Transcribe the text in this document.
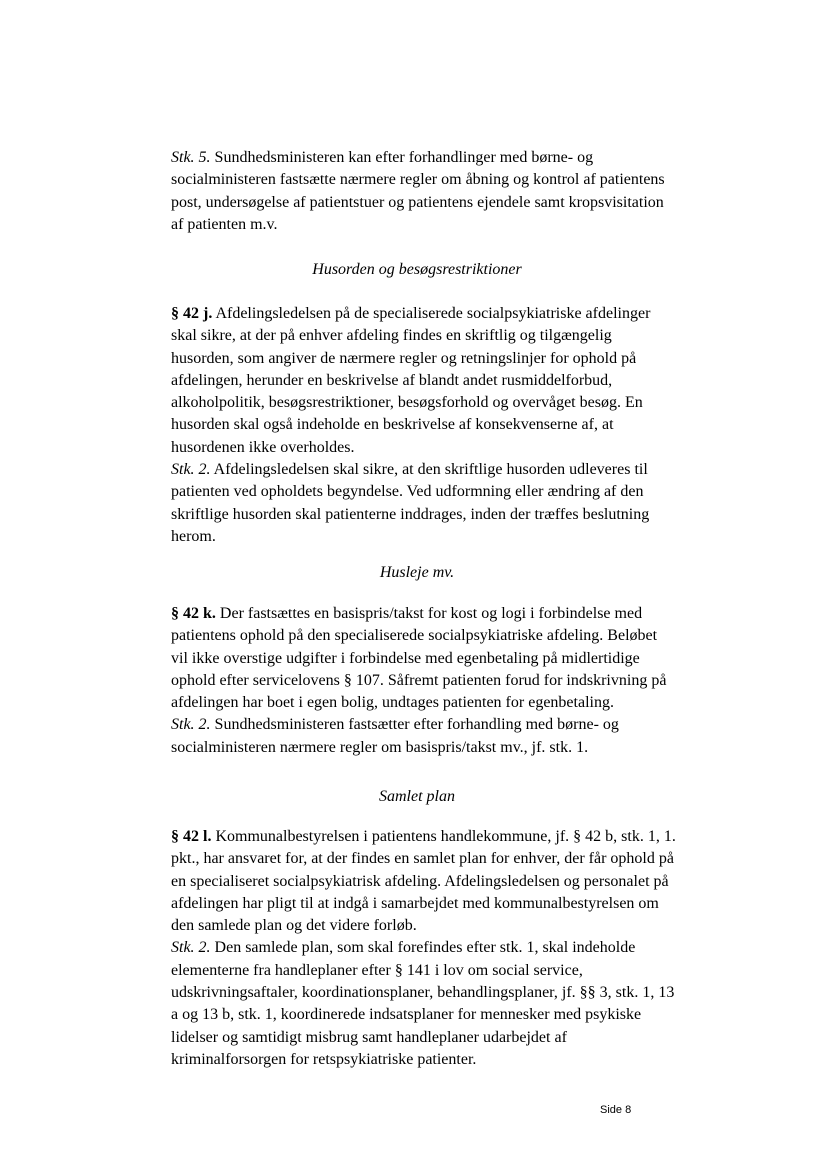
Stk. 5. Sundhedsministeren kan efter forhandlinger med børne- og socialministeren fastsætte nærmere regler om åbning og kontrol af patientens post, undersøgelse af patientstuer og patientens ejendele samt kropsvisitation af patienten m.v.

Husorden og besøgsrestriktioner

§ 42 j. Afdelingsledelsen på de specialiserede socialpsykiatriske afdelinger skal sikre, at der på enhver afdeling findes en skriftlig og tilgængelig husorden, som angiver de nærmere regler og retningslinjer for ophold på afdelingen, herunder en beskrivelse af blandt andet rusmiddelforbud, alkoholpolitik, besøgsrestriktioner, besøgsforhold og overvåget besøg. En husorden skal også indeholde en beskrivelse af konsekvenserne af, at husordenen ikke overholdes.

Stk. 2. Afdelingsledelsen skal sikre, at den skriftlige husorden udleveres til patienten ved opholdets begyndelse. Ved udformning eller ændring af den skriftlige husorden skal patienterne inddrages, inden der træffes beslutning herom.

Husleje mv.

§ 42 k. Der fastsættes en basispris/takst for kost og logi i forbindelse med patientens ophold på den specialiserede socialpsykiatriske afdeling. Beløbet vil ikke overstige udgifter i forbindelse med egenbetaling på midlertidige ophold efter servicelovens § 107. Såfremt patienten forud for indskrivning på afdelingen har boet i egen bolig, undtages patienten for egenbetaling.

Stk. 2. Sundhedsministeren fastsætter efter forhandling med børne- og socialministeren nærmere regler om basispris/takst mv., jf. stk. 1.

Samlet plan

§ 42 l. Kommunalbestyrelsen i patientens handlekommune, jf. § 42 b, stk. 1, 1. pkt., har ansvaret for, at der findes en samlet plan for enhver, der får ophold på en specialiseret socialpsykiatrisk afdeling. Afdelingsledelsen og personalet på afdelingen har pligt til at indgå i samarbejdet med kommunalbestyrelsen om den samlede plan og det videre forløb.

Stk. 2. Den samlede plan, som skal forefindes efter stk. 1, skal indeholde elementerne fra handleplaner efter § 141 i lov om social service, udskrivningsaftaler, koordinationsplaner, behandlingsplaner, jf. §§ 3, stk. 1, 13 a og 13 b, stk. 1, koordinerede indsatsplaner for mennesker med psykiske lidelser og samtidigt misbrug samt handleplaner udarbejdet af kriminalforsorgen for retspsykiatriske patienter.

Side 8
